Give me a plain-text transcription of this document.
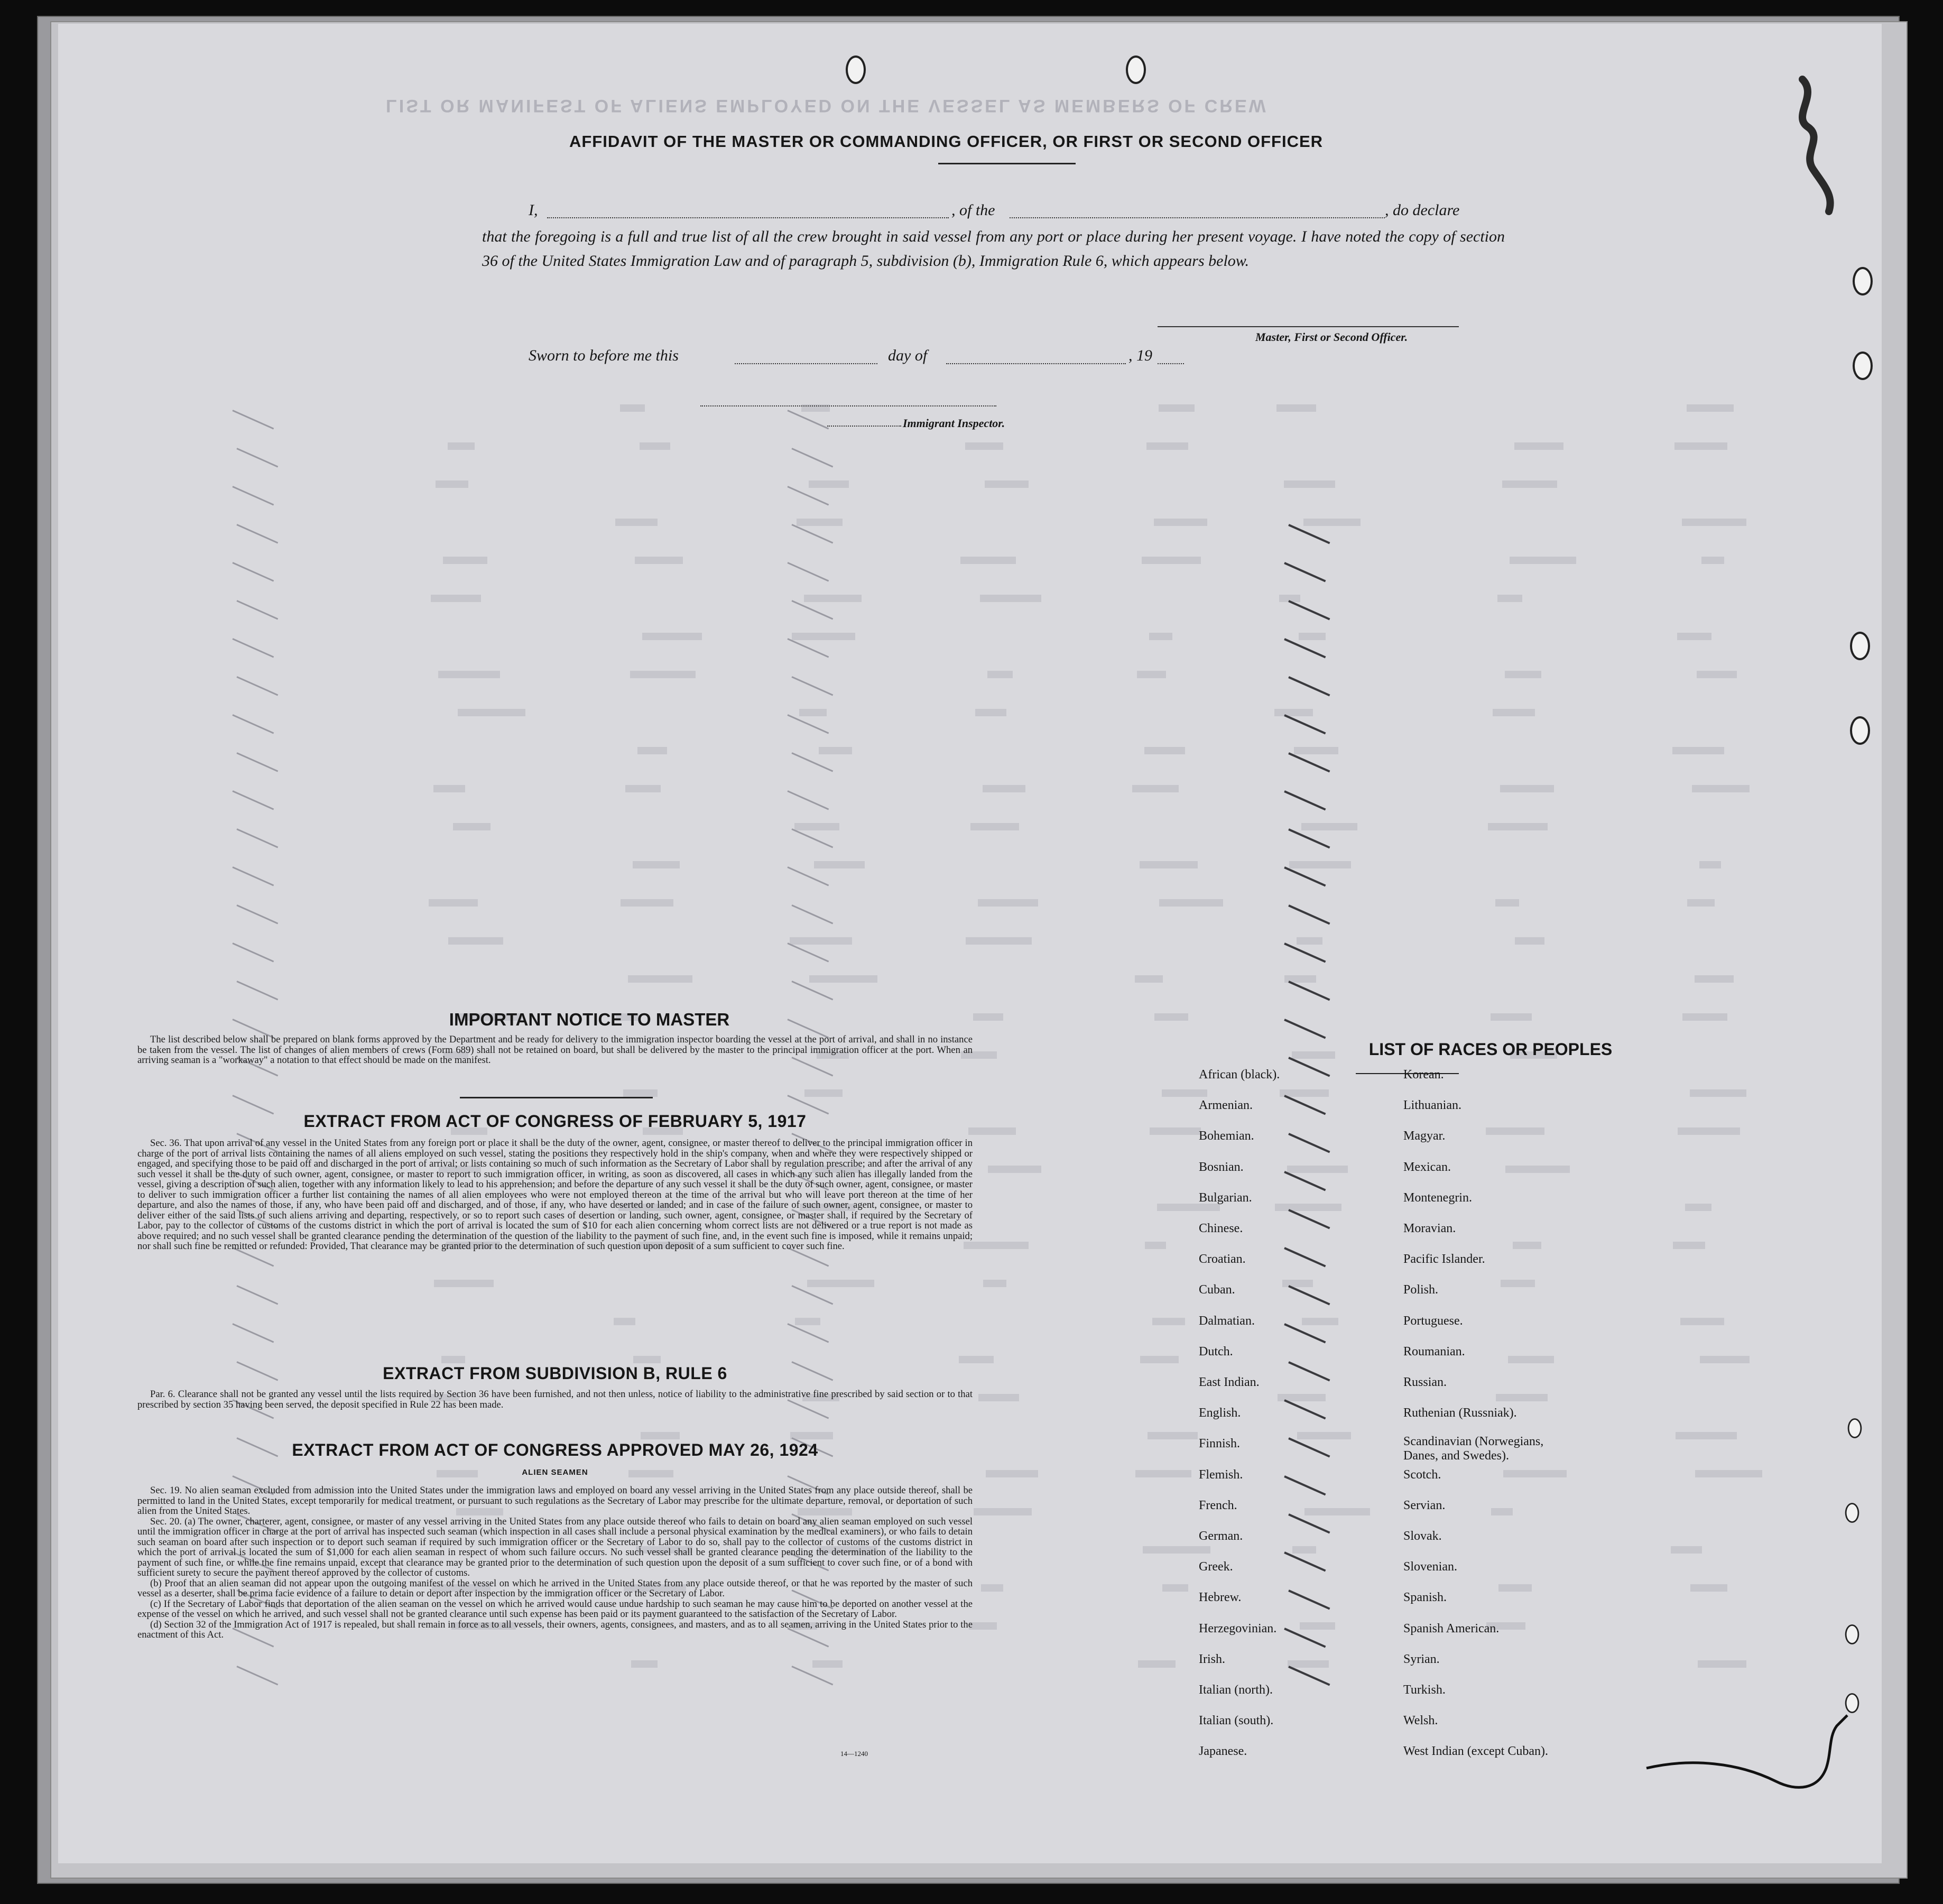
LIST OR MANIFEST OF ALIENS EMPLOYED ON THE VESSEL AS MEMBERS OF CREW
AFFIDAVIT OF THE MASTER OR COMMANDING OFFICER, OR FIRST OR SECOND OFFICER
I,	, of the	, do declare
that the foregoing is a full and true list of all the crew brought in said vessel from any port or place during her present voyage. I have noted the copy of section 36 of the United States Immigration Law and of paragraph 5, subdivision (b), Immigration Rule 6, which appears below.
Master, First or Second Officer.
Sworn to before me this	day of	, 19
Immigrant Inspector.
IMPORTANT NOTICE TO MASTER

The list described below shall be prepared on blank forms approved by the Department and be ready for delivery to the immigration inspector boarding the vessel at the port of arrival, and shall in no instance be taken from the vessel. The list of changes of alien members of crews (Form 689) shall not be retained on board, but shall be delivered by the master to the principal immigration officer at the port. When an arriving seaman is a "workaway" a notation to that effect should be made on the manifest.

EXTRACT FROM ACT OF CONGRESS OF FEBRUARY 5, 1917

Sec. 36. That upon arrival of any vessel in the United States from any foreign port or place it shall be the duty of the owner, agent, consignee, or master thereof to deliver to the principal immigration officer in charge of the port of arrival lists containing the names of all aliens employed on such vessel, stating the positions they respectively hold in the ship's company, when and where they were respectively shipped or engaged, and specifying those to be paid off and discharged in the port of arrival; or lists containing so much of such information as the Secretary of Labor shall by regulation prescribe; and after the arrival of any such vessel it shall be the duty of such owner, agent, consignee, or master to report to such immigration officer, in writing, as soon as discovered, all cases in which any such alien has illegally landed from the vessel, giving a description of such alien, together with any information likely to lead to his apprehension; and before the departure of any such vessel it shall be the duty of such owner, agent, consignee, or master to deliver to such immigration officer a further list containing the names of all alien employees who were not employed thereon at the time of the arrival but who will leave port thereon at the time of her departure, and also the names of those, if any, who have been paid off and discharged, and of those, if any, who have deserted or landed; and in case of the failure of such owner, agent, consignee, or master to deliver either of the said lists of such aliens arriving and departing, respectively, or so to report such cases of desertion or landing, such owner, agent, consignee, or master shall, if required by the Secretary of Labor, pay to the collector of customs of the customs district in which the port of arrival is located the sum of $10 for each alien concerning whom correct lists are not delivered or a true report is not made as above required; and no such vessel shall be granted clearance pending the determination of the question of the liability to the payment of such fine, and, in the event such fine is imposed, while it remains unpaid; nor shall such fine be remitted or refunded: Provided, That clearance may be granted prior to the determination of such question upon deposit of a sum sufficient to cover such fine.

EXTRACT FROM SUBDIVISION B, RULE 6

Par. 6. Clearance shall not be granted any vessel until the lists required by Section 36 have been furnished, and not then unless, notice of liability to the administrative fine prescribed by said section or to that prescribed by section 35 having been served, the deposit specified in Rule 22 has been made.

EXTRACT FROM ACT OF CONGRESS APPROVED MAY 26, 1924
ALIEN SEAMEN

Sec. 19. No alien seaman excluded from admission into the United States under the immigration laws and employed on board any vessel arriving in the United States from any place outside thereof, shall be permitted to land in the United States, except temporarily for medical treatment, or pursuant to such regulations as the Secretary of Labor may prescribe for the ultimate departure, removal, or deportation of such alien from the United States.

Sec. 20. (a) The owner, charterer, agent, consignee, or master of any vessel arriving in the United States from any place outside thereof who fails to detain on board any alien seaman employed on such vessel until the immigration officer in charge at the port of arrival has inspected such seaman (which inspection in all cases shall include a personal physical examination by the medical examiners), or who fails to detain such seaman on board after such inspection or to deport such seaman if required by such immigration officer or the Secretary of Labor to do so, shall pay to the collector of customs of the customs district in which the port of arrival is located the sum of $1,000 for each alien seaman in respect of whom such failure occurs. No such vessel shall be granted clearance pending the determination of the liability to the payment of such fine, or while the fine remains unpaid, except that clearance may be granted prior to the determination of such question upon the deposit of a sum sufficient to cover such fine, or of a bond with sufficient surety to secure the payment thereof approved by the collector of customs.

(b) Proof that an alien seaman did not appear upon the outgoing manifest of the vessel on which he arrived in the United States from any place outside thereof, or that he was reported by the master of such vessel as a deserter, shall be prima facie evidence of a failure to detain or deport after inspection by the immigration officer or the Secretary of Labor.

(c) If the Secretary of Labor finds that deportation of the alien seaman on the vessel on which he arrived would cause undue hardship to such seaman he may cause him to be deported on another vessel at the expense of the vessel on which he arrived, and such vessel shall not be granted clearance until such expense has been paid or its payment guaranteed to the satisfaction of the Secretary of Labor.

(d) Section 32 of the Immigration Act of 1917 is repealed, but shall remain in force as to all vessels, their owners, agents, consignees, and masters, and as to all seamen, arriving in the United States prior to the enactment of this Act.

14—1240
LIST OF RACES OR PEOPLES
African (black).
Armenian.
Bohemian.
Bosnian.
Bulgarian.
Chinese.
Croatian.
Cuban.
Dalmatian.
Dutch.
East Indian.
English.
Finnish.
Flemish.
French.
German.
Greek.
Hebrew.
Herzegovinian.
Irish.
Italian (north).
Italian (south).
Japanese.
Korean.
Lithuanian.
Magyar.
Mexican.
Montenegrin.
Moravian.
Pacific Islander.
Polish.
Portuguese.
Roumanian.
Russian.
Ruthenian (Russniak).
Scandinavian (Norwegians,
Danes, and Swedes).
Scotch.
Servian.
Slovak.
Slovenian.
Spanish.
Spanish American.
Syrian.
Turkish.
Welsh.
West Indian (except Cuban).
